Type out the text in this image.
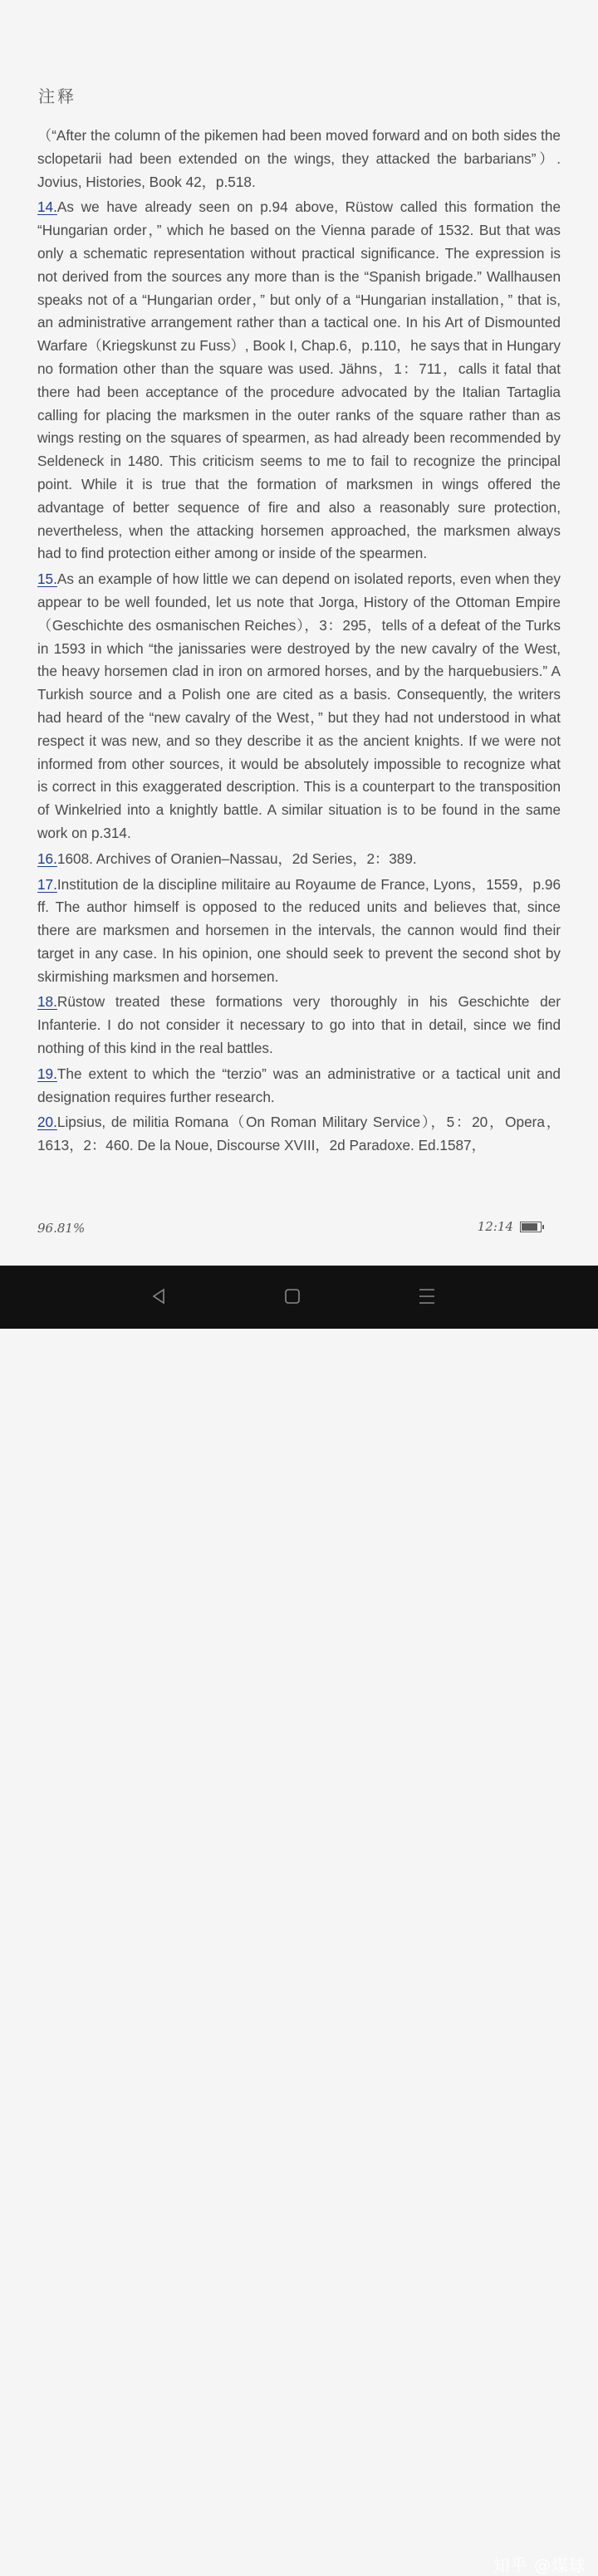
注释

（“After the column of the pikemen had been moved forward and on both sides the sclopetarii had been extended on the wings, they attacked the barbarians”）. Jovius, Histories, Book 42，p.518.

14.As we have already seen on p.94 above, Rüstow called this formation the “Hungarian order，” which he based on the Vienna parade of 1532. But that was only a schematic representation without practical significance. The expression is not derived from the sources any more than is the “Spanish brigade.” Wallhausen speaks not of a “Hungarian order，” but only of a “Hungarian installation，” that is, an administrative arrangement rather than a tactical one. In his Art of Dismounted Warfare（Kriegskunst zu Fuss）, Book I, Chap.6，p.110，he says that in Hungary no formation other than the square was used. Jähns，1：711，calls it fatal that there had been acceptance of the procedure advocated by the Italian Tartaglia calling for placing the marksmen in the outer ranks of the square rather than as wings resting on the squares of spearmen, as had already been recommended by Seldeneck in 1480. This criticism seems to me to fail to recognize the principal point. While it is true that the formation of marksmen in wings offered the advantage of better sequence of fire and also a reasonably sure protection, nevertheless, when the attacking horsemen approached, the marksmen always had to find protection either among or inside of the spearmen.

15.As an example of how little we can depend on isolated reports, even when they appear to be well founded, let us note that Jorga, History of the Ottoman Empire（Geschichte des osmanischen Reiches），3：295，tells of a defeat of the Turks in 1593 in which “the janissaries were destroyed by the new cavalry of the West, the heavy horsemen clad in iron on armored horses, and by the harquebusiers.” A Turkish source and a Polish one are cited as a basis. Consequently, the writers had heard of the “new cavalry of the West，” but they had not understood in what respect it was new, and so they describe it as the ancient knights. If we were not informed from other sources, it would be absolutely impossible to recognize what is correct in this exaggerated description. This is a counterpart to the transposition of Winkelried into a knightly battle. A similar situation is to be found in the same work on p.314.

16.1608. Archives of Oranien–Nassau，2d Series，2：389.

17.Institution de la discipline militaire au Royaume de France, Lyons，1559，p.96 ff. The author himself is opposed to the reduced units and believes that, since there are marksmen and horsemen in the intervals, the cannon would find their target in any case. In his opinion, one should seek to prevent the second shot by skirmishing marksmen and horsemen.

18.Rüstow treated these formations very thoroughly in his Geschichte der Infanterie. I do not consider it necessary to go into that in detail, since we find nothing of this kind in the real battles.

19.The extent to which the “terzio” was an administrative or a tactical unit and designation requires further research.

20.Lipsius, de militia Romana（On Roman Military Service），5：20，Opera，1613，2：460. De la Noue, Discourse XVIII，2d Paradoxe. Ed.1587，

96.81%	12:14
知乎 @煤球
